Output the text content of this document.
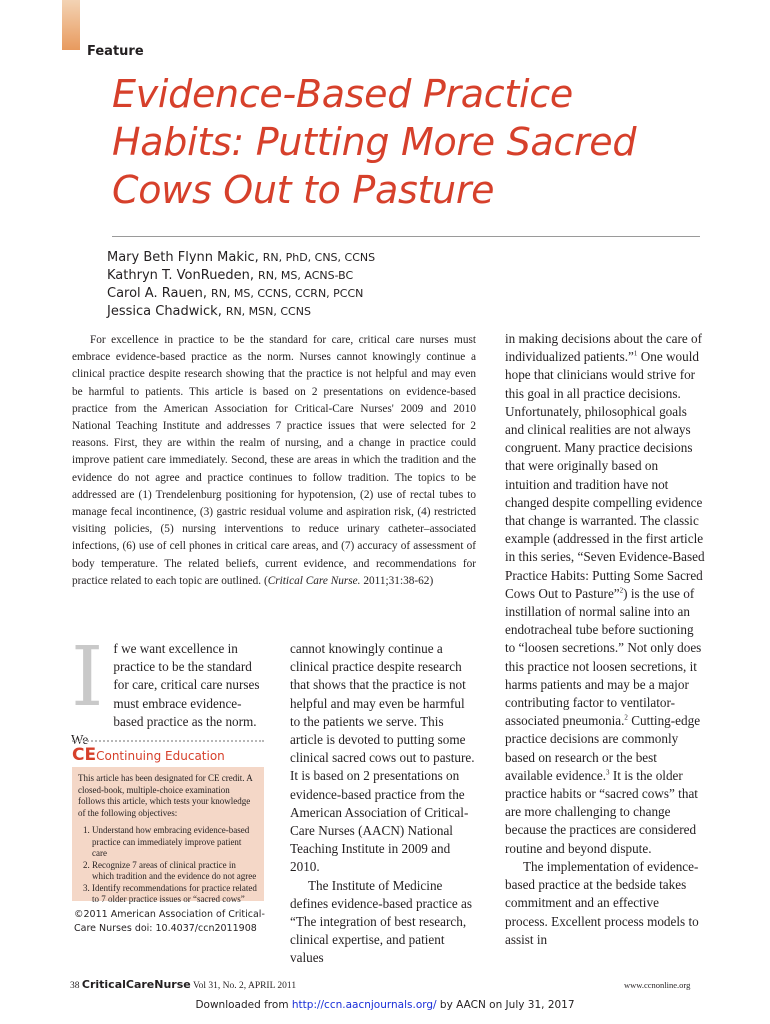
Feature
Evidence-Based Practice Habits: Putting More Sacred Cows Out to Pasture
Mary Beth Flynn Makic, RN, PhD, CNS, CCNS
Kathryn T. VonRueden, RN, MS, ACNS-BC
Carol A. Rauen, RN, MS, CCNS, CCRN, PCCN
Jessica Chadwick, RN, MSN, CCNS

For excellence in practice to be the standard for care, critical care nurses must embrace evidence-based practice as the norm. Nurses cannot knowingly continue a clinical practice despite research showing that the practice is not helpful and may even be harmful to patients. This article is based on 2 presentations on evidence-based practice from the American Association for Critical-Care Nurses' 2009 and 2010 National Teaching Institute and addresses 7 practice issues that were selected for 2 reasons. First, they are within the realm of nursing, and a change in practice could improve patient care immediately. Second, these are areas in which the tradition and the evidence do not agree and practice continues to follow tradition. The topics to be addressed are (1) Trendelenburg positioning for hypotension, (2) use of rectal tubes to manage fecal incontinence, (3) gastric residual volume and aspiration risk, (4) restricted visiting policies, (5) nursing interventions to reduce urinary catheter–associated infections, (6) use of cell phones in critical care areas, and (7) accuracy of assessment of body temperature. The related beliefs, current evidence, and recommendations for practice related to each topic are outlined. (Critical Care Nurse. 2011;31:38-62)

I f we want excellence in practice to be the standard for care, critical care nurses must embrace evidence-based practice as the norm. We
CEContinuing Education

This article has been designated for CE credit. A closed-book, multiple-choice examination follows this article, which tests your knowledge of the following objectives:

1. Understand how embracing evidence-based practice can immediately improve patient care
2. Recognize 7 areas of clinical practice in which tradition and the evidence do not agree
3. Identify recommendations for practice related to 7 older practice issues or “sacred cows”
©2011 American Association of Critical-Care Nurses doi: 10.4037/ccn2011908

cannot knowingly continue a clinical practice despite research that shows that the practice is not helpful and may even be harmful to the patients we serve. This article is devoted to putting some clinical sacred cows out to pasture. It is based on 2 presentations on evidence-based practice from the American Association of Critical-Care Nurses (AACN) National Teaching Institute in 2009 and 2010.

The Institute of Medicine defines evidence-based practice as “The integration of best research, clinical expertise, and patient values

in making decisions about the care of individualized patients.”$^1$ One would hope that clinicians would strive for this goal in all practice decisions. Unfortunately, philosophical goals and clinical realities are not always congruent. Many practice decisions that were originally based on intuition and tradition have not changed despite compelling evidence that change is warranted. The classic example (addressed in the first article in this series, “Seven Evidence-Based Practice Habits: Putting Some Sacred Cows Out to Pasture”$^2$) is the use of instillation of normal saline into an endotracheal tube before suctioning to “loosen secretions.” Not only does this practice not loosen secretions, it harms patients and may be a major contributing factor to ventilator-associated pneumonia.$^2$ Cutting-edge practice decisions are commonly based on research or the best available evidence.$^3$ It is the older practice habits or “sacred cows” that are more challenging to change because the practices are considered routine and beyond dispute.

The implementation of evidence-based practice at the bedside takes commitment and an effective process. Excellent process models to assist in

38 CriticalCareNurse Vol 31, No. 2, APRIL 2011	www.ccnonline.org
Downloaded from http://ccn.aacnjournals.org/ by AACN on July 31, 2017
